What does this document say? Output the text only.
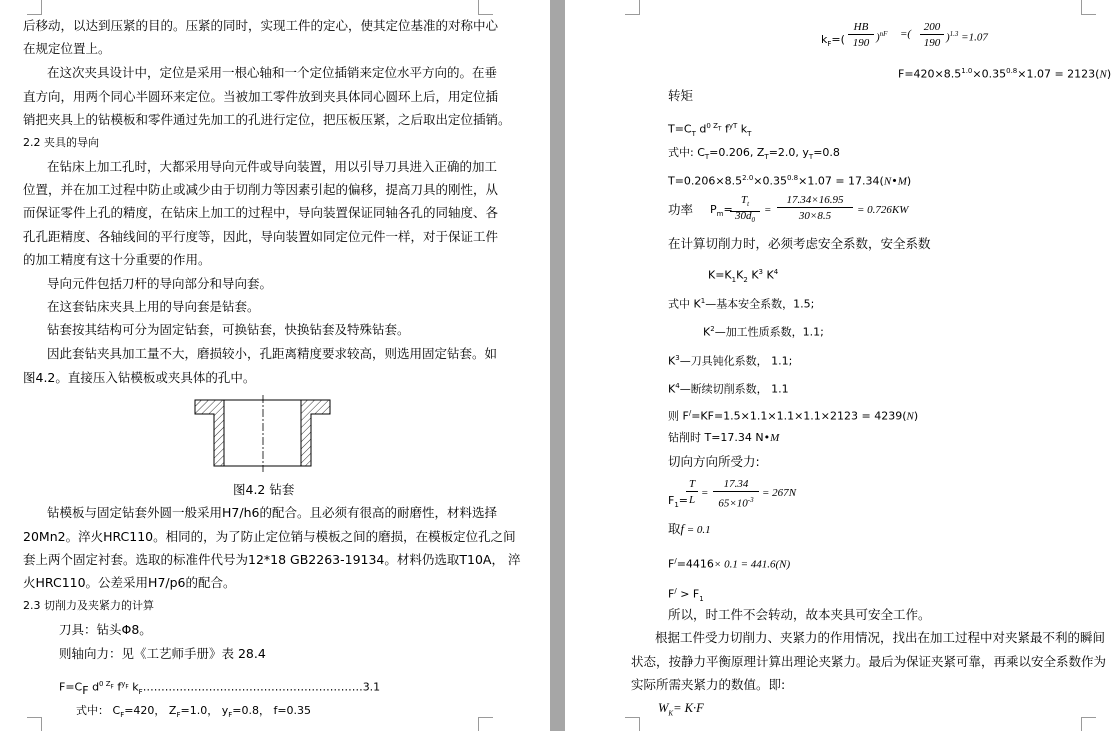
后移动，以达到压紧的目的。压紧的同时，实现工件的定心，使其定位基准的对称中心
在规定位置上。
在这次夹具设计中，定位是采用一根心轴和一个定位插销来定位水平方向的。在垂
直方向，用两个同心半圆环来定位。当被加工零件放到夹具体同心圆环上后，用定位插
销把夹具上的钻模板和零件通过先加工的孔进行定位，把压板压紧，之后取出定位插销。
2.2 夹具的导向
在钻床上加工孔时，大都采用导向元件或导向装置，用以引导刀具进入正确的加工
位置，并在加工过程中防止或减少由于切削力等因素引起的偏移，提高刀具的刚性，从
而保证零件上孔的精度，在钻床上加工的过程中，导向装置保证同轴各孔的同轴度、各
孔孔距精度、各轴线间的平行度等，因此，导向装置如同定位元件一样，对于保证工件
的加工精度有这十分重要的作用。
导向元件包括刀杆的导向部分和导向套。
在这套钻床夹具上用的导向套是钻套。
钻套按其结构可分为固定钻套，可换钻套，快换钻套及特殊钻套。
因此套钻夹具加工量不大，磨损较小，孔距离精度要求较高，则选用固定钻套。如
图4.2。直接压入钻模板或夹具体的孔中。
图4.2 钻套
钻模板与固定钻套外圆一般采用H7/h6的配合。且必须有很高的耐磨性，材料选择
20Mn2。淬火HRC110。相同的，为了防止定位销与模板之间的磨损，在模板定位孔之间
套上两个固定衬套。选取的标准件代号为12*18 GB2263-19134。材料仍选取T10A， 淬
火HRC110。公差采用H7/p6的配合。
2.3 切削力及夹紧力的计算
刀具：钻头Φ8。
则轴向力：见《工艺师手册》表 28.4
$F=C_F$ $d^{0 Z_F}$ $f^{y_F}$ $k_F\dots\dots\dots\dots\dots\dots\dots\dots\dots\dots\dots\dots\dots\dots\dots\dots\dots\dots\dots\dots 3.1$
式中： $C_F=420$， $Z_F=1.0$， $y_F=0.8$， f=0.35
$k_F=$(
HB
190 )$^{nF}$ =(
200
190 )$^{1.3}$ =1.07
$F=420\times 8.5^{1.0}\times 0.35^{0.8}\times 1.07 = 2123(N)$
转矩
$T=C_T$ $d^{0 Z_T}$ $f^{yT}$ $k_T$
式中: $C_T=0.206$, $Z_T=2.0$, $y_T=0.8$
$T=0.206\times 8.5^{2.0}\times 0.35^{0.8}\times 1.07$ = 17.34(N•M)
功率 $P_m=$
$T_t$
$30d_0$
=
17.34×16.95
30×8.5	= 0.726KW
在计算切削力时，必须考虑安全系数，安全系数
$K=K_1K_2$ $K^3$ $K^4$
式中 $K^1—$基本安全系数，1.5;
$K^2—$加工性质系数，1.1;
$K^3—$刀具钝化系数， 1.1;
$K^4—$断续切削系数， 1.1
则 F/=KF=1.5×1.1×1.1×1.1×2123 = 4239(N)
钻削时 T=17.34 N•M
切向方向所受力:
$F_1=$
T
L
=
17.34
$65\times 10^{-3}$
= 267N
取f = 0.1
F/=4416× 0.1 = 441.6(N)
$F^/ > F_1$
所以，时工件不会转动，故本夹具可安全工作。
根据工件受力切削力、夹紧力的作用情况，找出在加工过程中对夹紧最不利的瞬间
状态，按静力平衡原理计算出理论夹紧力。最后为保证夹紧可靠，再乘以安全系数作为
实际所需夹紧力的数值。即:
$W_K= K\cdot F$
